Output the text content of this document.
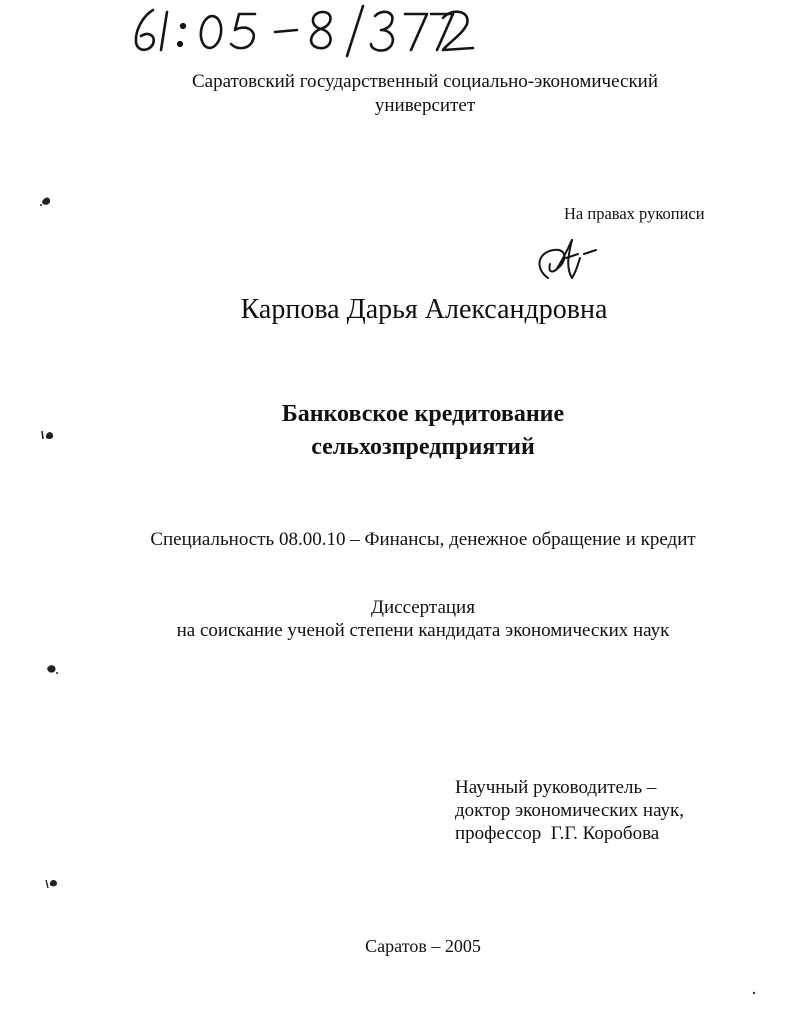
Саратовский государственный социально-экономический
университет
На правах рукописи
Карпова Дарья Александровна
Банковское кредитование
сельхозпредприятий
Специальность 08.00.10 – Финансы, денежное обращение и кредит
Диссертация
на соискание ученой степени кандидата экономических наук
Научный руководитель –
доктор экономических наук,
профессор  Г.Г. Коробова
Саратов – 2005
